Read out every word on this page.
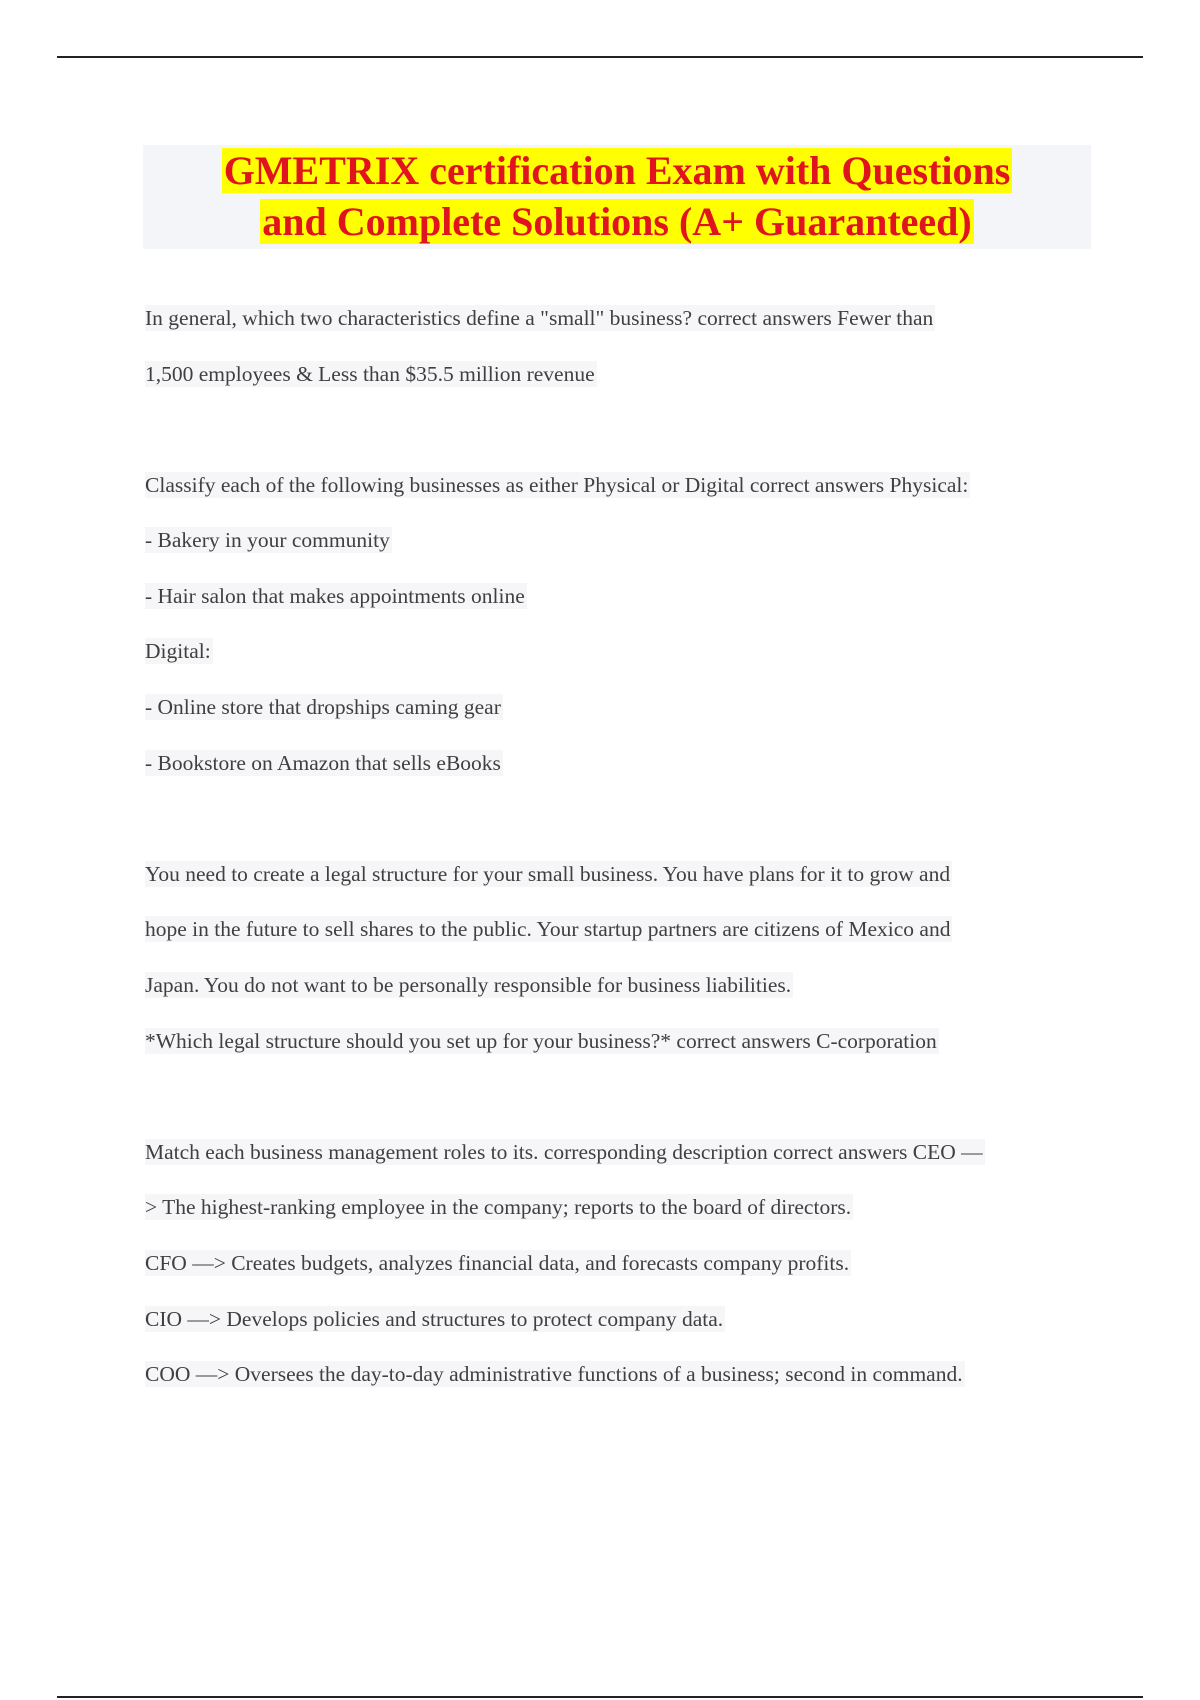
GMETRIX certification Exam with Questions
and Complete Solutions (A+ Guaranteed)
In general, which two characteristics define a "small" business? correct answers Fewer than
1,500 employees & Less than $35.5 million revenue
Classify each of the following businesses as either Physical or Digital correct answers Physical:
- Bakery in your community
- Hair salon that makes appointments online
Digital:
- Online store that dropships caming gear
- Bookstore on Amazon that sells eBooks
You need to create a legal structure for your small business. You have plans for it to grow and
hope in the future to sell shares to the public. Your startup partners are citizens of Mexico and
Japan. You do not want to be personally responsible for business liabilities.
*Which legal structure should you set up for your business?* correct answers C-corporation
Match each business management roles to its. corresponding description correct answers CEO —
> The highest-ranking employee in the company; reports to the board of directors.
CFO —> Creates budgets, analyzes financial data, and forecasts company profits.
CIO —> Develops policies and structures to protect company data.
COO —> Oversees the day-to-day administrative functions of a business; second in command.
